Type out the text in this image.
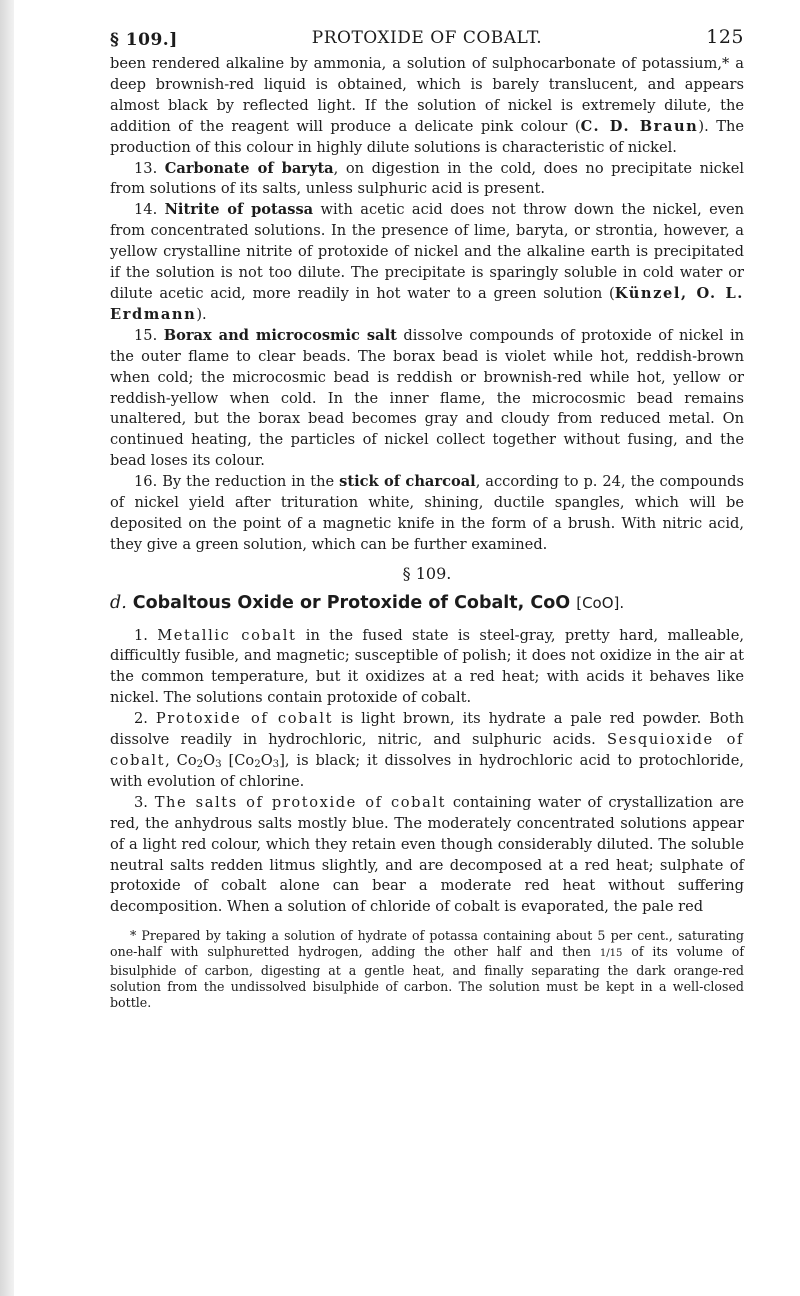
§ 109.]	PROTOXIDE OF COBALT.	125

been rendered alkaline by ammonia, a solution of sulphocarbonate of potassium,* a deep brownish-red liquid is obtained, which is barely translucent, and appears almost black by reflected light. If the solution of nickel is extremely dilute, the addition of the reagent will produce a delicate pink colour (C. D. Braun). The production of this colour in highly dilute solutions is characteristic of nickel.

13. Carbonate of baryta, on digestion in the cold, does no precipitate nickel from solutions of its salts, unless sulphuric acid is present.

14. Nitrite of potassa with acetic acid does not throw down the nickel, even from concentrated solutions. In the presence of lime, baryta, or strontia, however, a yellow crystalline nitrite of protoxide of nickel and the alkaline earth is precipitated if the solution is not too dilute. The precipitate is sparingly soluble in cold water or dilute acetic acid, more readily in hot water to a green solution (Künzel, O. L. Erdmann).

15. Borax and microcosmic salt dissolve compounds of protoxide of nickel in the outer flame to clear beads. The borax bead is violet while hot, reddish-brown when cold; the microcosmic bead is reddish or brownish-red while hot, yellow or reddish-yellow when cold. In the inner flame, the microcosmic bead remains unaltered, but the borax bead becomes gray and cloudy from reduced metal. On continued heating, the particles of nickel collect together without fusing, and the bead loses its colour.

16. By the reduction in the stick of charcoal, according to p. 24, the compounds of nickel yield after trituration white, shining, ductile spangles, which will be deposited on the point of a magnetic knife in the form of a brush. With nitric acid, they give a green solution, which can be further examined.

§ 109.
d. Cobaltous Oxide or Protoxide of Cobalt, CoO [CoO].

1. Metallic cobalt in the fused state is steel-gray, pretty hard, malleable, difficultly fusible, and magnetic; susceptible of polish; it does not oxidize in the air at the common temperature, but it oxidizes at a red heat; with acids it behaves like nickel. The solutions contain protoxide of cobalt.

2. Protoxide of cobalt is light brown, its hydrate a pale red powder. Both dissolve readily in hydrochloric, nitric, and sulphuric acids. Sesquioxide of cobalt, $Co_2O_3$ $[Co_2O_3]$, is black; it dissolves in hydrochloric acid to protochloride, with evolution of chlorine.

3. The salts of protoxide of cobalt containing water of crystallization are red, the anhydrous salts mostly blue. The moderately concentrated solutions appear of a light red colour, which they retain even though considerably diluted. The soluble neutral salts redden litmus slightly, and are decomposed at a red heat; sulphate of protoxide of cobalt alone can bear a moderate red heat without suffering decomposition. When a solution of chloride of cobalt is evaporated, the pale red

* Prepared by taking a solution of hydrate of potassa containing about 5 per cent., saturating one-half with sulphuretted hydrogen, adding the other half and then 1/15 of its volume of bisulphide of carbon, digesting at a gentle heat, and finally separating the dark orange-red solution from the undissolved bisulphide of carbon. The solution must be kept in a well-closed bottle.
